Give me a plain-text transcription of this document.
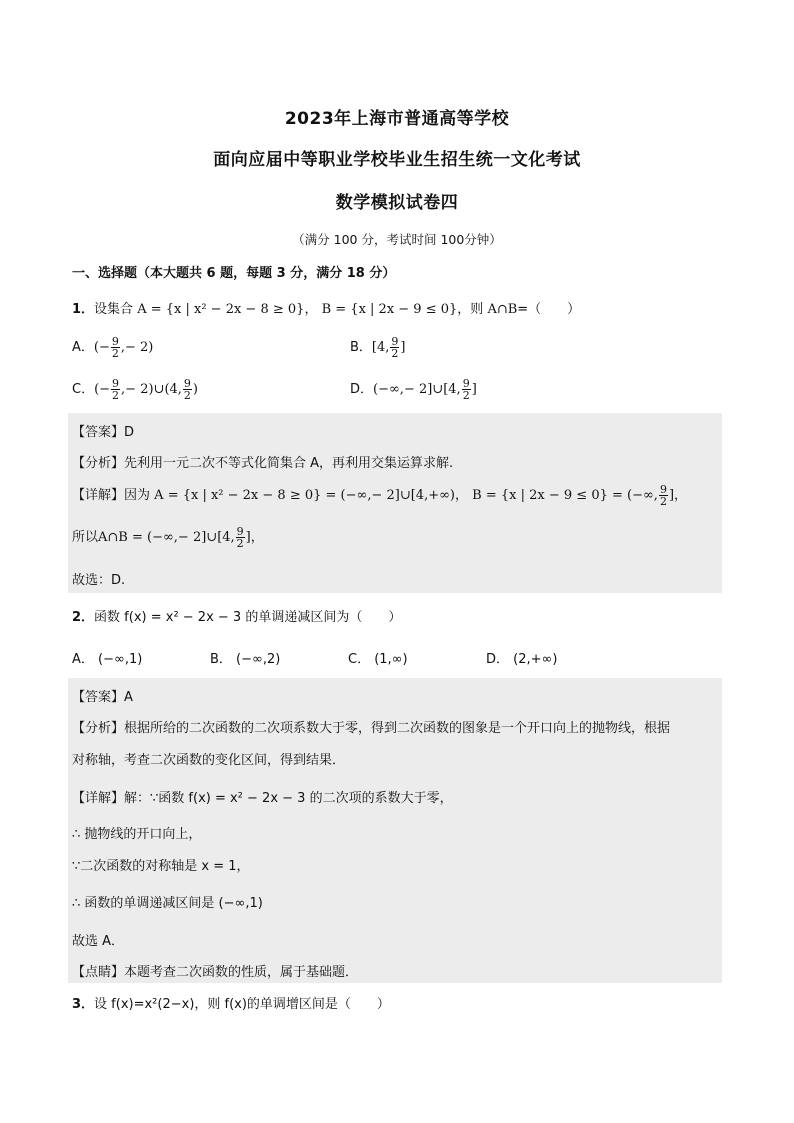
2023年上海市普通高等学校
面向应届中等职业学校毕业生招生统一文化考试
数学模拟试卷四
（满分 100 分，考试时间 100分钟）
一、选择题（本大题共 6 题，每题 3 分，满分 18 分）
1．设集合 A = {x | x² − 2x − 8 ≥ 0}， B = {x | 2x − 9 ≤ 0}，则 A∩B=（　　）
A．(− $\frac{9}{2}$ ,− 2)	B．[4, $\frac{9}{2}$ ]
C．(− $\frac{9}{2}$ ,− 2)∪(4, $\frac{9}{2}$ )	D．(−∞,− 2]∪[4, $\frac{9}{2}$ ]
【答案】D
【分析】先利用一元二次不等式化简集合 A，再利用交集运算求解.
【详解】因为 A = {x | x² − 2x − 8 ≥ 0} = (−∞,− 2]∪[4,+∞)， B = {x | 2x − 9 ≤ 0} = (−∞, $\frac{9}{2}$ ]，
所以A∩B = (−∞,− 2]∪[4, $\frac{9}{2}$ ]，
故选：D.
2．函数 f(x) = x² − 2x − 3 的单调递减区间为（　　）
A． (−∞,1)	B． (−∞,2)	C． (1,∞)	D． (2,+∞)
【答案】A
【分析】根据所给的二次函数的二次项系数大于零，得到二次函数的图象是一个开口向上的抛物线，根据
对称轴，考查二次函数的变化区间，得到结果．
【详解】解：∵函数 f(x) = x² − 2x − 3 的二次项的系数大于零，
∴ 抛物线的开口向上，
∵二次函数的对称轴是 x = 1，
∴ 函数的单调递减区间是 (−∞,1)
故选 A．
【点睛】本题考查二次函数的性质，属于基础题．
3．设 f(x)=x²(2−x)，则 f(x)的单调增区间是（　　）
